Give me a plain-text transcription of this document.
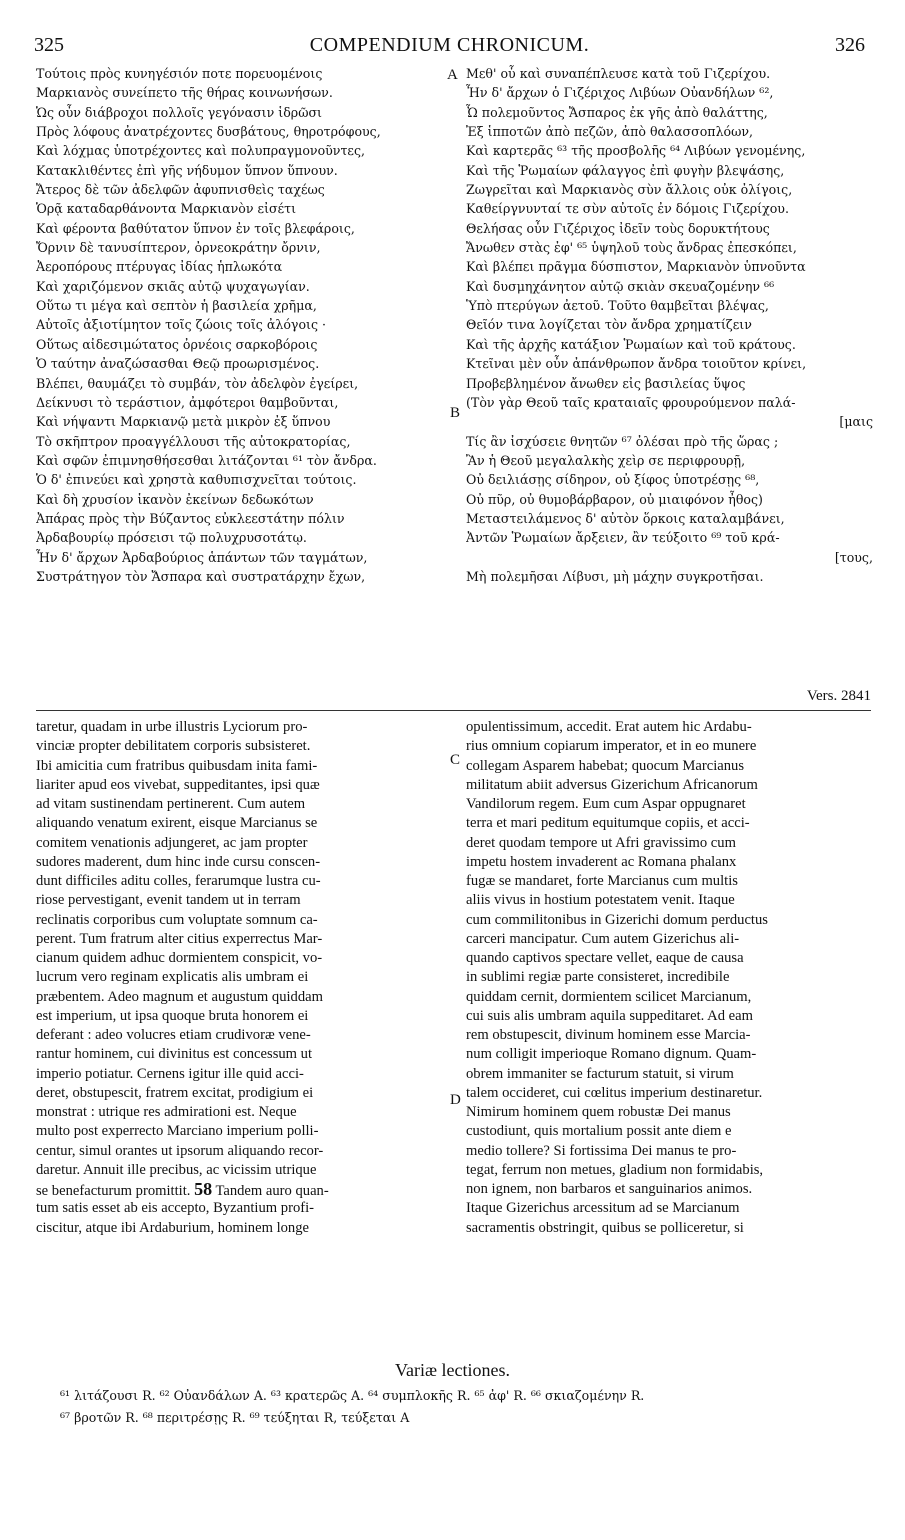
325	COMPENDIUM CHRONICUM.	326
Τούτοις πρὸς κυνηγέσιόν ποτε πορευομένοις
Μαρκιανὸς συνείπετο τῆς θήρας κοινωνήσων.
Ὡς οὖν διάβροχοι πολλοῖς γεγόνασιν ἱδρῶσι
Πρὸς λόφους ἀνατρέχοντες δυσβάτους, θηροτρόφους,
Καὶ λόχμας ὑποτρέχοντες καὶ πολυπραγμονοῦντες,
Κατακλιθέντες ἐπὶ γῆς νήδυμον ὕπνον ὕπνουν.
Ἄτερος δὲ τῶν ἀδελφῶν ἀφυπνισθεὶς ταχέως
Ὁρᾷ καταδαρθάνοντα Μαρκιανὸν εἰσέτι
Καὶ φέροντα βαθύτατον ὕπνον ἐν τοῖς βλεφάροις,
Ὄρνιν δὲ τανυσίπτερον, ὀρνεοκράτην ὄρνιν,
Ἀεροπόρους πτέρυγας ἰδίας ἡπλωκότα
Καὶ χαριζόμενον σκιᾶς αὐτῷ ψυχαγωγίαν.
Οὕτω τι μέγα καὶ σεπτὸν ἡ βασιλεία χρῆμα,
Αὐτοῖς ἀξιοτίμητον τοῖς ζώοις τοῖς ἀλόγοις ·
Οὕτως αἰδεσιμώτατος ὀρνέοις σαρκοβόροις
Ὁ ταύτην ἀναζώσασθαι Θεῷ προωρισμένος.
Βλέπει, θαυμάζει τὸ συμβάν, τὸν ἀδελφὸν ἐγείρει,
Δείκνυσι τὸ τεράστιον, ἀμφότεροι θαμβοῦνται,
Καὶ νήψαντι Μαρκιανῷ μετὰ μικρὸν ἐξ ὕπνου
Τὸ σκῆπτρον προαγγέλλουσι τῆς αὐτοκρατορίας,
Καὶ σφῶν ἐπιμνησθήσεσθαι λιτάζονται ⁶¹ τὸν ἄνδρα.
Ὁ δ' ἐπινεύει καὶ χρηστὰ καθυπισχνεῖται τούτοις.
Καὶ δὴ χρυσίον ἱκανὸν ἐκείνων δεδωκότων
Ἀπάρας πρὸς τὴν Βύζαντος εὐκλεεστάτην πόλιν
Ἀρδαβουρίῳ πρόσεισι τῷ πολυχρυσοτάτῳ.
Ἦν δ' ἄρχων Ἀρδαβούριος ἁπάντων τῶν ταγμάτων,
Συστράτηγον τὸν Ἄσπαρα καὶ συστρατάρχην ἔχων,
Μεθ' οὗ καὶ συναπέπλευσε κατὰ τοῦ Γιζερίχου.
Ἦν δ' ἄρχων ὁ Γιζέριχος Λιβύων Οὐανδήλων ⁶²,
Ὦ πολεμοῦντος Ἄσπαρος ἐκ γῆς ἀπὸ θαλάττης,
Ἐξ ἱπποτῶν ἀπὸ πεζῶν, ἀπὸ θαλασσοπλόων,
Καὶ καρτερᾶς ⁶³ τῆς προσβολῆς ⁶⁴ Λιβύων γενομένης,
Καὶ τῆς Ῥωμαίων φάλαγγος ἐπὶ φυγὴν βλεψάσης,
Ζωγρεῖται καὶ Μαρκιανὸς σὺν ἄλλοις οὐκ ὀλίγοις,
Καθείργνυνταί τε σὺν αὐτοῖς ἐν δόμοις Γιζερίχου.
Θελήσας οὖν Γιζέριχος ἰδεῖν τοὺς δορυκτήτους
Ἄνωθεν στὰς ἐφ' ⁶⁵ ὑψηλοῦ τοὺς ἄνδρας ἐπεσκόπει,
Καὶ βλέπει πρᾶγμα δύσπιστον, Μαρκιανὸν ὑπνοῦντα
Καὶ δυσμηχάνητον αὐτῷ σκιὰν σκευαζομένην ⁶⁶
Ὑπὸ πτερύγων ἀετοῦ. Τοῦτο θαμβεῖται βλέψας,
Θεῖόν τινα λογίζεται τὸν ἄνδρα χρηματίζειν
Καὶ τῆς ἀρχῆς κατάξιον Ῥωμαίων καὶ τοῦ κράτους.
Κτεῖναι μὲν οὖν ἀπάνθρωπον ἄνδρα τοιοῦτον κρίνει,
Προβεβλημένον ἄνωθεν εἰς βασιλείας ὕψος
(Τὸν γὰρ Θεοῦ ταῖς κραταιαῖς φρουρούμενον παλά-
[μαις
Τίς ἂν ἰσχύσειε θνητῶν ⁶⁷ ὀλέσαι πρὸ τῆς ὥρας ;
Ἂν ἡ Θεοῦ μεγαλαλκὴς χεὶρ σε περιφρουρῇ,
Οὐ δειλιάσῃς σίδηρον, οὐ ξίφος ὑποτρέσῃς ⁶⁸,
Οὐ πῦρ, οὐ θυμοβάρβαρον, οὐ μιαιφόνον ἦθος)
Μεταστειλάμενος δ' αὐτὸν ὅρκοις καταλαμβάνει,
Ἀντῶν Ῥωμαίων ἄρξειεν, ἂν τεύξοιτο ⁶⁹ τοῦ κρά-
[τους,
Μὴ πολεμῆσαι Λίβυσι, μὴ μάχην συγκροτῆσαι.
A
B
C
D
Vers. 2841
taretur, quadam in urbe illustris Lyciorum pro-
vinciæ propter debilitatem corporis subsisteret.
Ibi amicitia cum fratribus quibusdam inita fami-
liariter apud eos vivebat, suppeditantes, ipsi quæ
ad vitam sustinendam pertinerent. Cum autem
aliquando venatum exirent, eisque Marcianus se
comitem venationis adjungeret, ac jam propter
sudores maderent, dum hinc inde cursu conscen-
dunt difficiles aditu colles, ferarumque lustra cu-
riose pervestigant, evenit tandem ut in terram
reclinatis corporibus cum voluptate somnum ca-
perent. Tum fratrum alter citius experrectus Mar-
cianum quidem adhuc dormientem conspicit, vo-
lucrum vero reginam explicatis alis umbram ei
præbentem. Adeo magnum et augustum quiddam
est imperium, ut ipsa quoque bruta honorem ei
deferant : adeo volucres etiam crudivoræ vene-
rantur hominem, cui divinitus est concessum ut
imperio potiatur. Cernens igitur ille quid acci-
deret, obstupescit, fratrem excitat, prodigium ei
monstrat : utrique res admirationi est. Neque
multo post experrecto Marciano imperium polli-
centur, simul orantes ut ipsorum aliquando recor-
daretur. Annuit ille precibus, ac vicissim utrique
se benefacturum promittit. 58 Tandem auro quan-
tum satis esset ab eis accepto, Byzantium profi-
ciscitur, atque ibi Ardaburium, hominem longe
opulentissimum, accedit. Erat autem hic Ardabu-
rius omnium copiarum imperator, et in eo munere
collegam Asparem habebat; quocum Marcianus
militatum abiit adversus Gizerichum Africanorum
Vandilorum regem. Eum cum Aspar oppugnaret
terra et mari peditum equitumque copiis, et acci-
deret quodam tempore ut Afri gravissimo cum
impetu hostem invaderent ac Romana phalanx
fugæ se mandaret, forte Marcianus cum multis
aliis vivus in hostium potestatem venit. Itaque
cum commilitonibus in Gizerichi domum perductus
carceri mancipatur. Cum autem Gizerichus ali-
quando captivos spectare vellet, eaque de causa
in sublimi regiæ parte consisteret, incredibile
quiddam cernit, dormientem scilicet Marcianum,
cui suis alis umbram aquila suppeditaret. Ad eam
rem obstupescit, divinum hominem esse Marcia-
num colligit imperioque Romano dignum. Quam-
obrem immaniter se facturum statuit, si virum
talem occideret, cui cœlitus imperium destinaretur.
Nimirum hominem quem robustæ Dei manus
custodiunt, quis mortalium possit ante diem e
medio tollere? Si fortissima Dei manus te pro-
tegat, ferrum non metues, gladium non formidabis,
non ignem, non barbaros et sanguinarios animos.
Itaque Gizerichus arcessitum ad se Marcianum
sacramentis obstringit, quibus se polliceretur, si
Variæ lectiones.
⁶¹ λιτάζουσι R. ⁶² Οὐανδάλων A. ⁶³ κρατερῶς A. ⁶⁴ συμπλοκῆς R. ⁶⁵ ἀφ' R. ⁶⁶ σκιαζομένην R.
⁶⁷ βροτῶν R. ⁶⁸ περιτρέσῃς R. ⁶⁹ τεύξηται R, τεύξεται A
